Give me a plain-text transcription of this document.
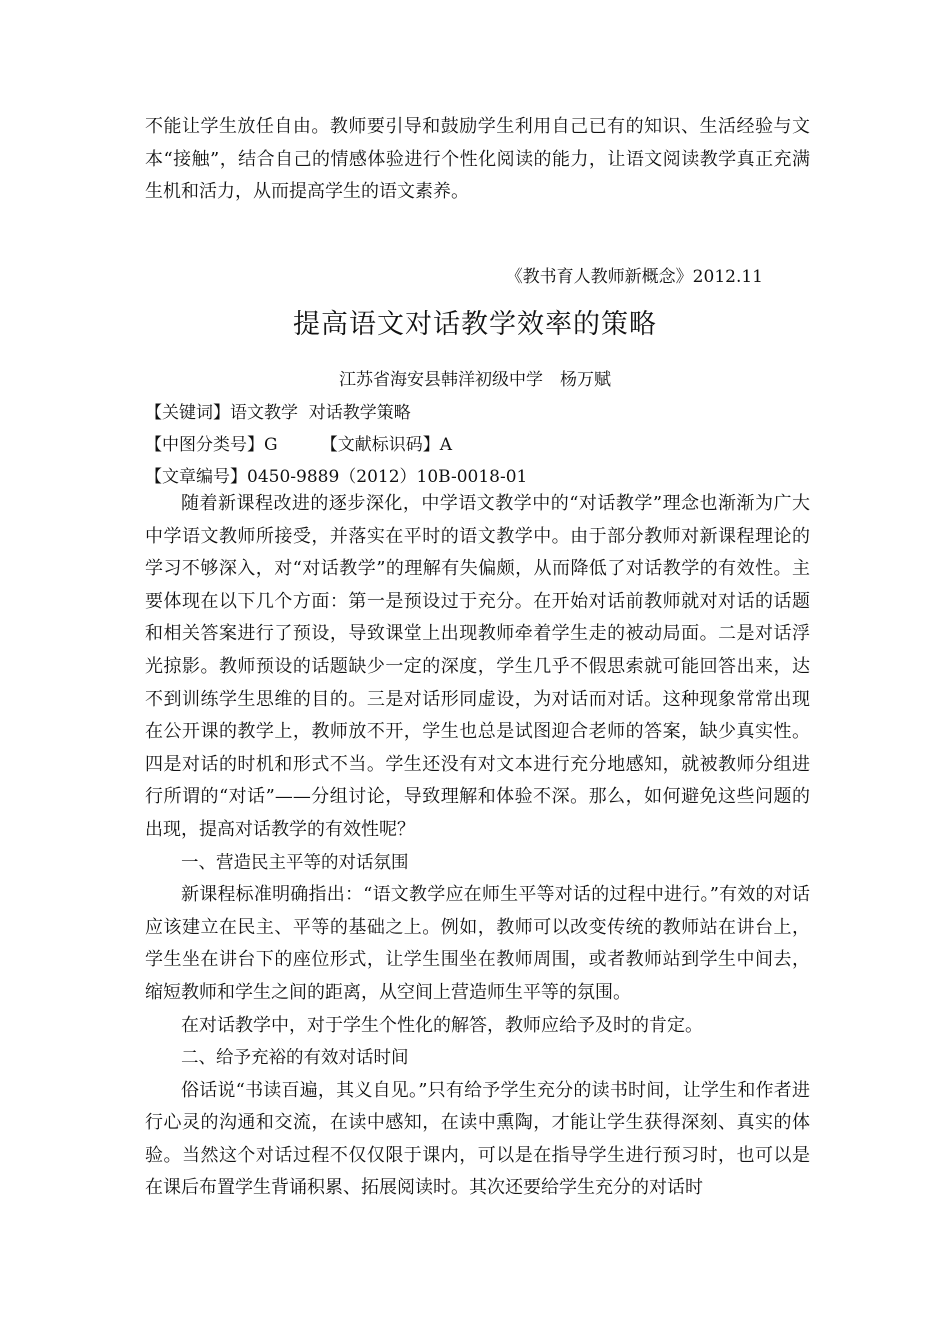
不能让学生放任自由。教师要引导和鼓励学生利用自己已有的知识、生活经验与文本“接触”，结合自己的情感体验进行个性化阅读的能力，让语文阅读教学真正充满生机和活力，从而提高学生的语文素养。

《教书育人教师新概念》2012.11
提高语文对话教学效率的策略
江苏省海安县韩洋初级中学　杨万赋
【关键词】语文教学  对话教学策略
【中图分类号】G        【文献标识码】A
【文章编号】0450-9889（2012）10B-0018-01

随着新课程改进的逐步深化，中学语文教学中的“对话教学”理念也渐渐为广大中学语文教师所接受，并落实在平时的语文教学中。由于部分教师对新课程理论的学习不够深入，对“对话教学”的理解有失偏颇，从而降低了对话教学的有效性。主要体现在以下几个方面：第一是预设过于充分。在开始对话前教师就对对话的话题和相关答案进行了预设，导致课堂上出现教师牵着学生走的被动局面。二是对话浮光掠影。教师预设的话题缺少一定的深度，学生几乎不假思索就可能回答出来，达不到训练学生思维的目的。三是对话形同虚设，为对话而对话。这种现象常常出现在公开课的教学上，教师放不开，学生也总是试图迎合老师的答案，缺少真实性。四是对话的时机和形式不当。学生还没有对文本进行充分地感知，就被教师分组进行所谓的“对话”——分组讨论，导致理解和体验不深。那么，如何避免这些问题的出现，提高对话教学的有效性呢？

一、营造民主平等的对话氛围

新课程标准明确指出：“语文教学应在师生平等对话的过程中进行。”有效的对话应该建立在民主、平等的基础之上。例如，教师可以改变传统的教师站在讲台上，学生坐在讲台下的座位形式，让学生围坐在教师周围，或者教师站到学生中间去，缩短教师和学生之间的距离，从空间上营造师生平等的氛围。

在对话教学中，对于学生个性化的解答，教师应给予及时的肯定。

二、给予充裕的有效对话时间

俗话说“书读百遍，其义自见。”只有给予学生充分的读书时间，让学生和作者进行心灵的沟通和交流，在读中感知，在读中熏陶，才能让学生获得深刻、真实的体验。当然这个对话过程不仅仅限于课内，可以是在指导学生进行预习时，也可以是在课后布置学生背诵积累、拓展阅读时。其次还要给学生充分的对话时
